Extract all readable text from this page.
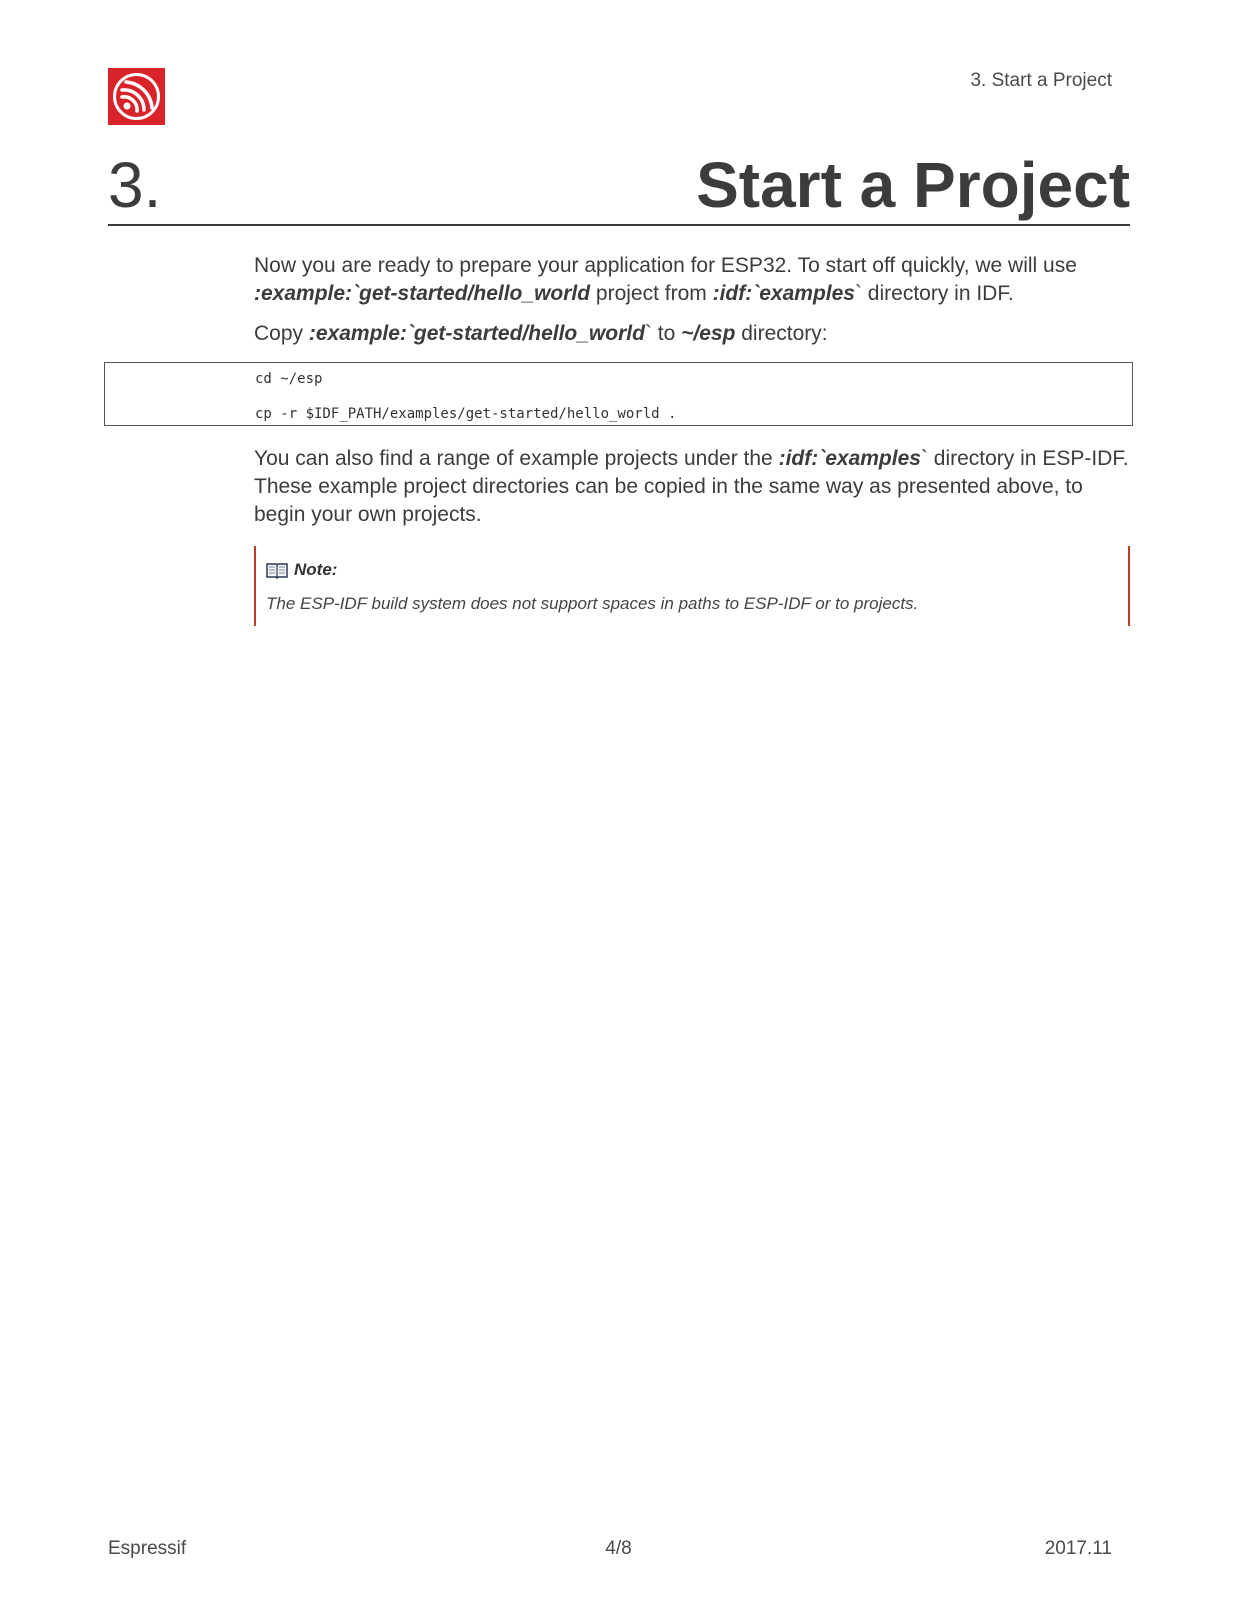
3. Start a Project
3.	Start a Project

Now you are ready to prepare your application for ESP32. To start off quickly, we will use :example:`get-started/hello_world project from :idf:`examples` directory in IDF.

Copy :example:`get-started/hello_world` to ~/esp directory:

cd ~/esp
cp -r $IDF_PATH/examples/get-started/hello_world .

You can also find a range of example projects under the :idf:`examples` directory in ESP-IDF. These example project directories can be copied in the same way as presented above, to begin your own projects.

Note:
The ESP-IDF build system does not support spaces in paths to ESP-IDF or to projects.
Espressif	4/8	2017.11
